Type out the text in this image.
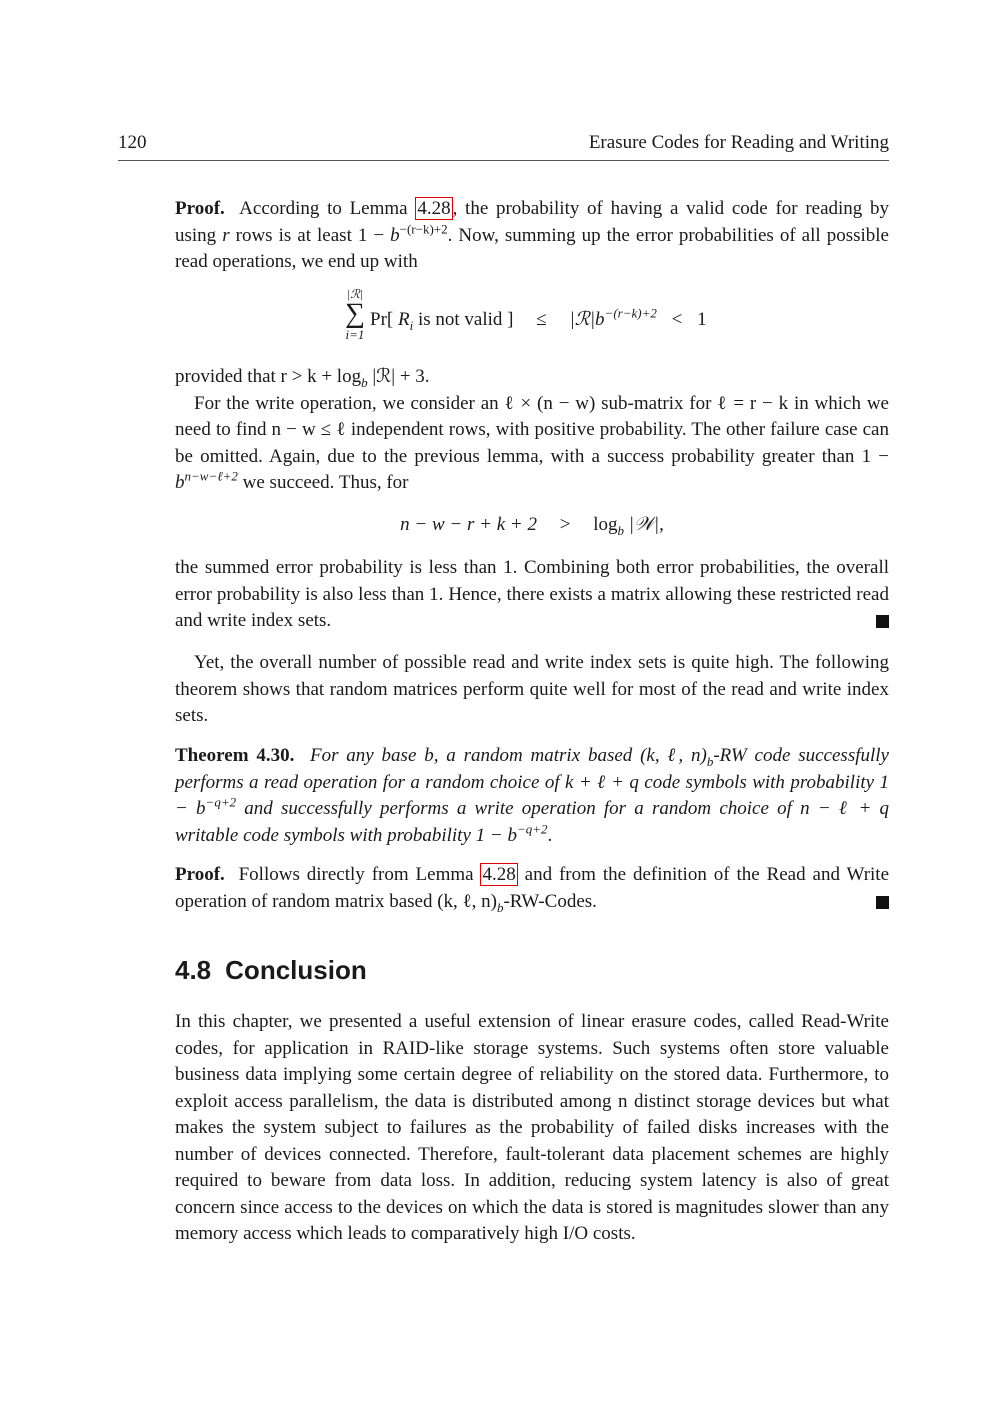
120	Erasure Codes for Reading and Writing

Proof. According to Lemma 4.28 , the probability of having a valid code for reading by using r rows is at least $1 - b^{-(r-k)+2}$. Now, summing up the error probabilities of all possible read operations, we end up with

|ℛ|
∑
i=1
Pr[ $R_i$ is not valid ] ≤ $|ℛ|b^{-(r-k)+2} < 1$

provided that $r > k + \log_b$ |ℛ| + 3.

For the write operation, we consider an ℓ × (n − w) sub-matrix for ℓ = r − k in which we need to find n − w ≤ ℓ independent rows, with positive probability. The other failure case can be omitted. Again, due to the previous lemma, with a success probability greater than $1 - b^{n-w-\ell+2}$ we succeed. Thus, for

$n - w - r + k + 2 > \log_b$ |𝒲|,

the summed error probability is less than 1. Combining both error probabilities, the overall error probability is also less than 1. Hence, there exists a matrix allowing these restricted read and write index sets.

Yet, the overall number of possible read and write index sets is quite high. The following theorem shows that random matrices perform quite well for most of the read and write index sets.

Theorem 4.30. For any base b, a random matrix based (k, ℓ, $n)_b-RW$ code successfully performs a read operation for a random choice of k + ℓ + q code symbols with probability $1 - b^{-q+2}$ and successfully performs a write operation for a random choice of n − ℓ + q writable code symbols with probability $1 - b^{-q+2}$.

Proof. Follows directly from Lemma 4.28 and from the definition of the Read and Write operation of random matrix based (k, ℓ, $n)_b-RW$-Codes.

4.8 Conclusion

In this chapter, we presented a useful extension of linear erasure codes, called Read-Write codes, for application in RAID-like storage systems. Such systems often store valuable business data implying some certain degree of reliability on the stored data. Furthermore, to exploit access parallelism, the data is distributed among n distinct storage devices but what makes the system subject to failures as the probability of failed disks increases with the number of devices connected. Therefore, fault-tolerant data placement schemes are highly required to beware from data loss. In addition, reducing system latency is also of great concern since access to the devices on which the data is stored is magnitudes slower than any memory access which leads to comparatively high I/O costs.
